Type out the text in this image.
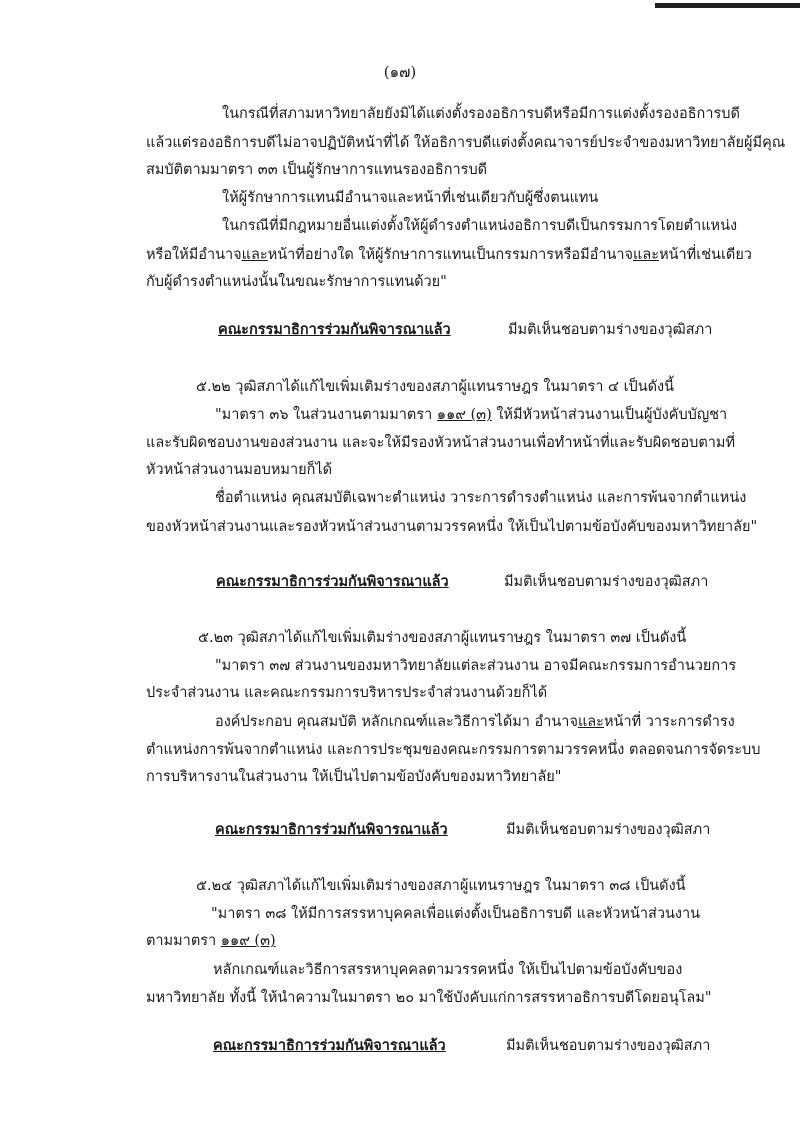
(๑๗)
ในกรณีที่สภามหาวิทยาลัยยังมิได้แต่งตั้งรองอธิการบดีหรือมีการแต่งตั้งรองอธิการบดี
แล้วแต่รองอธิการบดีไม่อาจปฏิบัติหน้าที่ได้ ให้อธิการบดีแต่งตั้งคณาจารย์ประจำของมหาวิทยาลัยผู้มีคุณ
สมบัติตามมาตรา ๓๓ เป็นผู้รักษาการแทนรองอธิการบดี
ให้ผู้รักษาการแทนมีอำนาจและหน้าที่เช่นเดียวกับผู้ซึ่งตนแทน
ในกรณีที่มีกฎหมายอื่นแต่งตั้งให้ผู้ดำรงตำแหน่งอธิการบดีเป็นกรรมการโดยตำแหน่ง
หรือให้มีอำนาจและหน้าที่อย่างใด ให้ผู้รักษาการแทนเป็นกรรมการหรือมีอำนาจและหน้าที่เช่นเดียว
กับผู้ดำรงตำแหน่งนั้นในขณะรักษาการแทนด้วย"
คณะกรรมาธิการร่วมกันพิจารณาแล้ว	มีมติเห็นชอบตามร่างของวุฒิสภา
๕.๒๒ วุฒิสภาได้แก้ไขเพิ่มเติมร่างของสภาผู้แทนราษฎร ในมาตรา ๔ เป็นดังนี้
"มาตรา ๓๖ ในส่วนงานตามมาตรา ๑๑๙ (๓) ให้มีหัวหน้าส่วนงานเป็นผู้บังคับบัญชา
และรับผิดชอบงานของส่วนงาน และจะให้มีรองหัวหน้าส่วนงานเพื่อทำหน้าที่และรับผิดชอบตามที่
หัวหน้าส่วนงานมอบหมายก็ได้
ชื่อตำแหน่ง คุณสมบัติเฉพาะตำแหน่ง วาระการดำรงตำแหน่ง และการพ้นจากตำแหน่ง
ของหัวหน้าส่วนงานและรองหัวหน้าส่วนงานตามวรรคหนึ่ง ให้เป็นไปตามข้อบังคับของมหาวิทยาลัย"
คณะกรรมาธิการร่วมกันพิจารณาแล้ว	มีมติเห็นชอบตามร่างของวุฒิสภา
๕.๒๓ วุฒิสภาได้แก้ไขเพิ่มเติมร่างของสภาผู้แทนราษฎร ในมาตรา ๓๗ เป็นดังนี้
"มาตรา ๓๗ ส่วนงานของมหาวิทยาลัยแต่ละส่วนงาน อาจมีคณะกรรมการอำนวยการ
ประจำส่วนงาน และคณะกรรมการบริหารประจำส่วนงานด้วยก็ได้
องค์ประกอบ คุณสมบัติ หลักเกณฑ์และวิธีการได้มา อำนาจและหน้าที่ วาระการดำรง
ตำแหน่งการพ้นจากตำแหน่ง และการประชุมของคณะกรรมการตามวรรคหนึ่ง ตลอดจนการจัดระบบ
การบริหารงานในส่วนงาน ให้เป็นไปตามข้อบังคับของมหาวิทยาลัย"
คณะกรรมาธิการร่วมกันพิจารณาแล้ว	มีมติเห็นชอบตามร่างของวุฒิสภา
๕.๒๔ วุฒิสภาได้แก้ไขเพิ่มเติมร่างของสภาผู้แทนราษฎร ในมาตรา ๓๘ เป็นดังนี้
"มาตรา ๓๘ ให้มีการสรรหาบุคคลเพื่อแต่งตั้งเป็นอธิการบดี และหัวหน้าส่วนงาน
ตามมาตรา ๑๑๙ (๓)
หลักเกณฑ์และวิธีการสรรหาบุคคลตามวรรคหนึ่ง ให้เป็นไปตามข้อบังคับของ
มหาวิทยาลัย ทั้งนี้ ให้นำความในมาตรา ๒๐ มาใช้บังคับแก่การสรรหาอธิการบดีโดยอนุโลม"
คณะกรรมาธิการร่วมกันพิจารณาแล้ว	มีมติเห็นชอบตามร่างของวุฒิสภา
